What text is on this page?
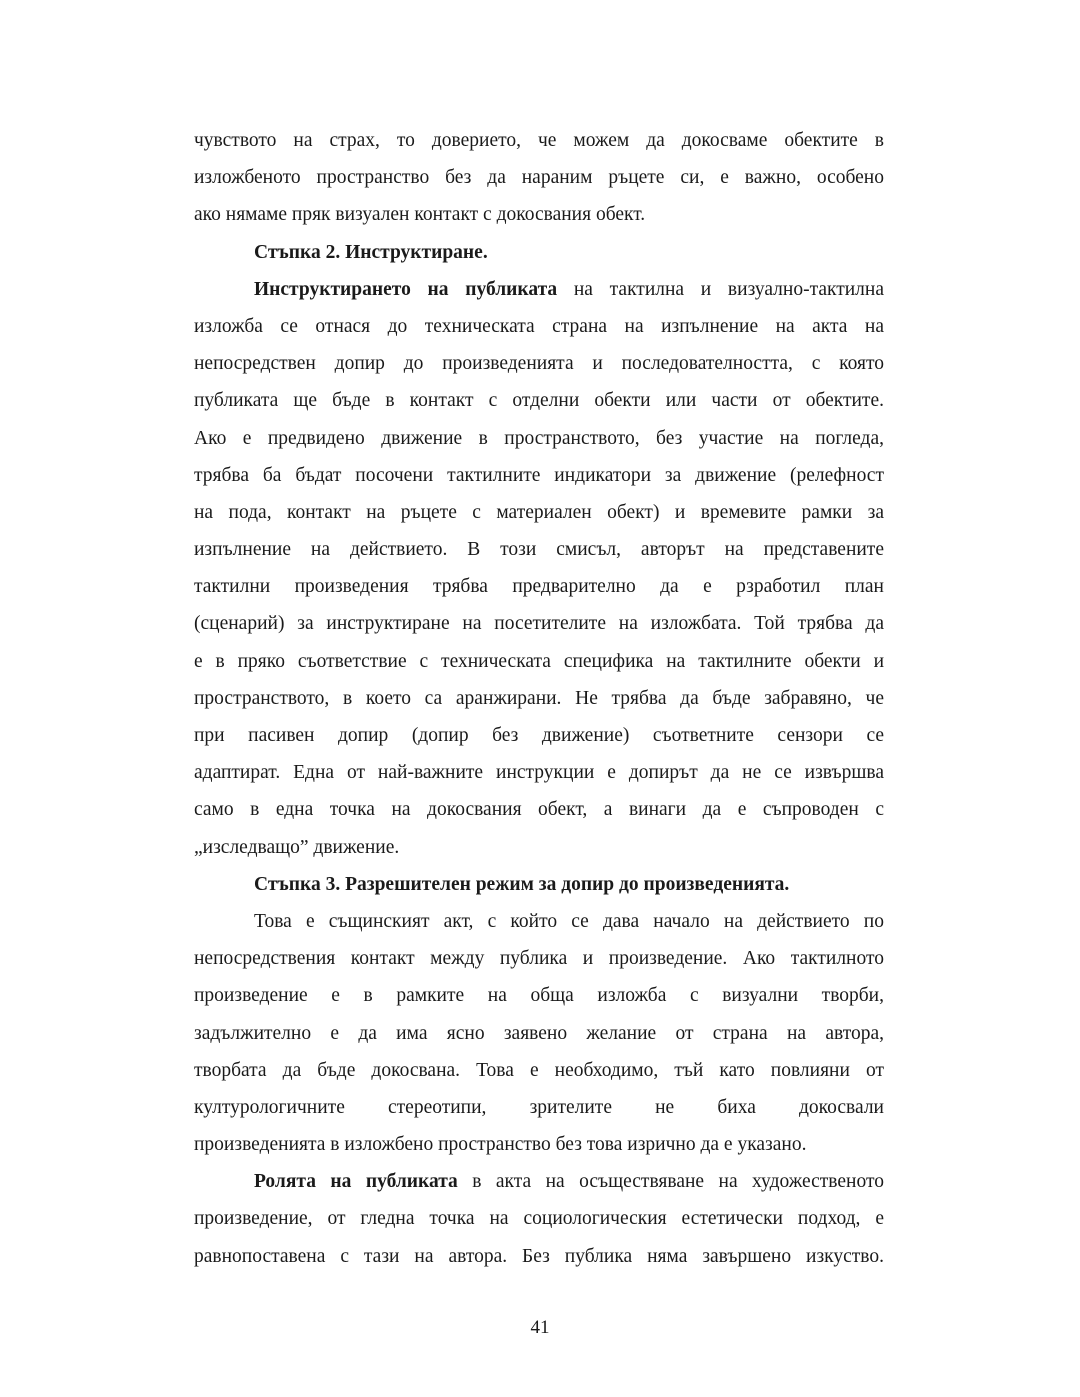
чувството на страх, то доверието, че можем да докосваме обектите в
изложбеното пространство без да нараним ръцете си, е важно, особено
ако нямаме пряк визуален контакт с докосвания обект.
Стъпка 2. Инструктиране.
Инструктирането на публиката на тактилна и визуално-тактилна
изложба се отнася до техническата страна на изпълнение на акта на
непосредствен допир до произведенията и последователността, с която
публиката ще бъде в контакт с отделни обекти или части от обектите.
Ако е предвидено движение в пространството, без участие на погледа,
трябва ба бъдат посочени тактилните индикатори за движение (релефност
на пода, контакт на ръцете с материален обект) и времевите рамки за
изпълнение на действието. В този смисъл, авторът на представените
тактилни произведения трябва предварително да е рзработил план
(сценарий) за инструктиране на посетителите на изложбата. Той трябва да
е в пряко съответствие с техническата специфика на тактилните обекти и
пространството, в което са аранжирани. Не трябва да бъде забравяно, че
при пасивен допир (допир без движение) съответните сензори се
адаптират. Една от най-важните инструкции е допирът да не се извършва
само в една точка на докосвания обект, а винаги да е съпроводен с
„изследващо” движение.
Стъпка 3. Разрешителен режим за допир до произведенията.
Това е същинският акт, с който се дава начало на действието по
непосредствения контакт между публика и произведение. Ако тактилното
произведение е в рамките на обща изложба с визуални творби,
задължително е да има ясно заявено желание от страна на автора,
творбата да бъде докосвана. Това е необходимо, тъй като повлияни от
културологичните стереотипи, зрителите не биха докосвали
произведенията в изложбено пространство без това изрично да е указано.
Ролята на публиката в акта на осъществяване на художественото
произведение, от гледна точка на социологическия естетически подход, е
равнопоставена с тази на автора. Без публика няма завършено изкуство.
41
